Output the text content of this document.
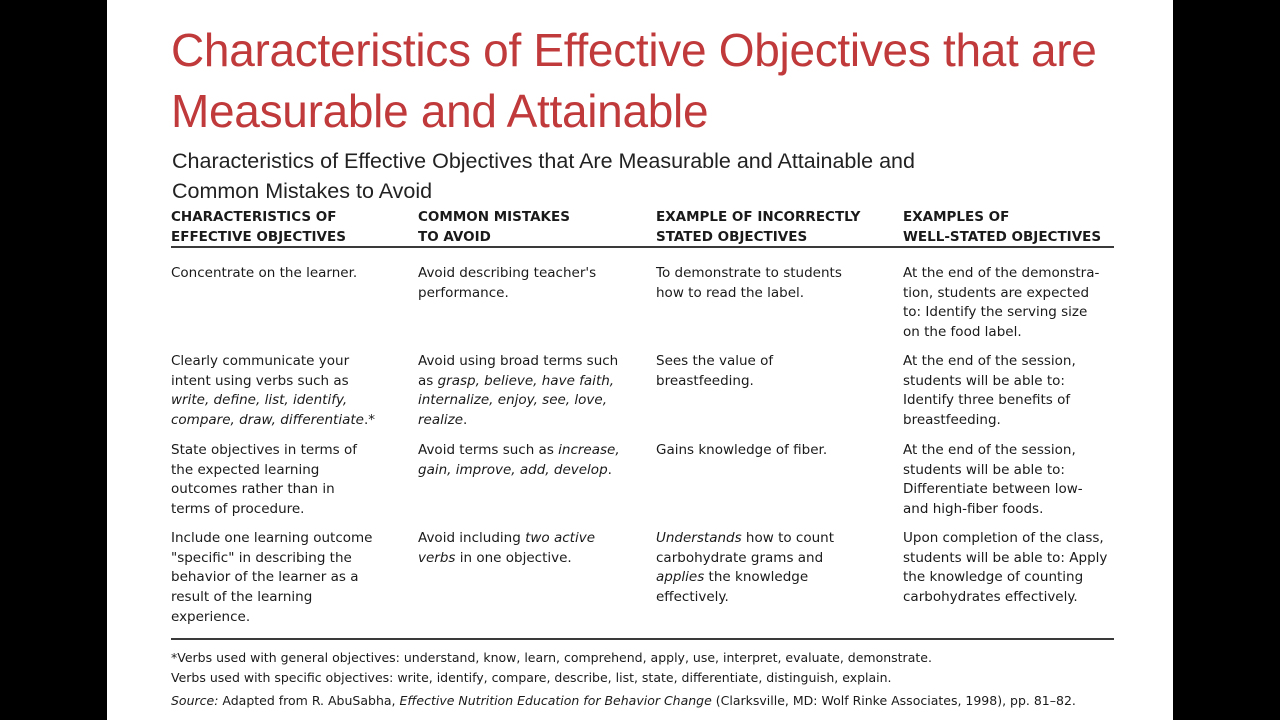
Characteristics of Effective Objectives that are Measurable and Attainable
Characteristics of Effective Objectives that Are Measurable and Attainable and
Common Mistakes to Avoid
CHARACTERISTICS OF
EFFECTIVE OBJECTIVES
COMMON MISTAKES
TO AVOID
EXAMPLE OF INCORRECTLY
STATED OBJECTIVES
EXAMPLES OF
WELL-STATED OBJECTIVES
Concentrate on the learner.	Avoid describing teacher's
performance.
To demonstrate to students
how to read the label.
At the end of the demonstra-
tion, students are expected
to: Identify the serving size
on the food label.
Clearly communicate your
intent using verbs such as
write, define, list, identify,
compare, draw, differentiate.*
Avoid using broad terms such
as grasp, believe, have faith,
internalize, enjoy, see, love,
realize.
Sees the value of
breastfeeding.
At the end of the session,
students will be able to:
Identify three benefits of
breastfeeding.
State objectives in terms of
the expected learning
outcomes rather than in
terms of procedure.
Avoid terms such as increase,
gain, improve, add, develop.
Gains knowledge of fiber.	At the end of the session,
students will be able to:
Differentiate between low-
and high-fiber foods.
Include one learning outcome
"specific" in describing the
behavior of the learner as a
result of the learning
experience.
Avoid including two active
verbs in one objective.
Understands how to count
carbohydrate grams and
applies the knowledge
effectively.
Upon completion of the class,
students will be able to: Apply
the knowledge of counting
carbohydrates effectively.
*Verbs used with general objectives: understand, know, learn, comprehend, apply, use, interpret, evaluate, demonstrate.
Verbs used with specific objectives: write, identify, compare, describe, list, state, differentiate, distinguish, explain.
Source: Adapted from R. AbuSabha, Effective Nutrition Education for Behavior Change (Clarksville, MD: Wolf Rinke Associates, 1998), pp. 81–82.
